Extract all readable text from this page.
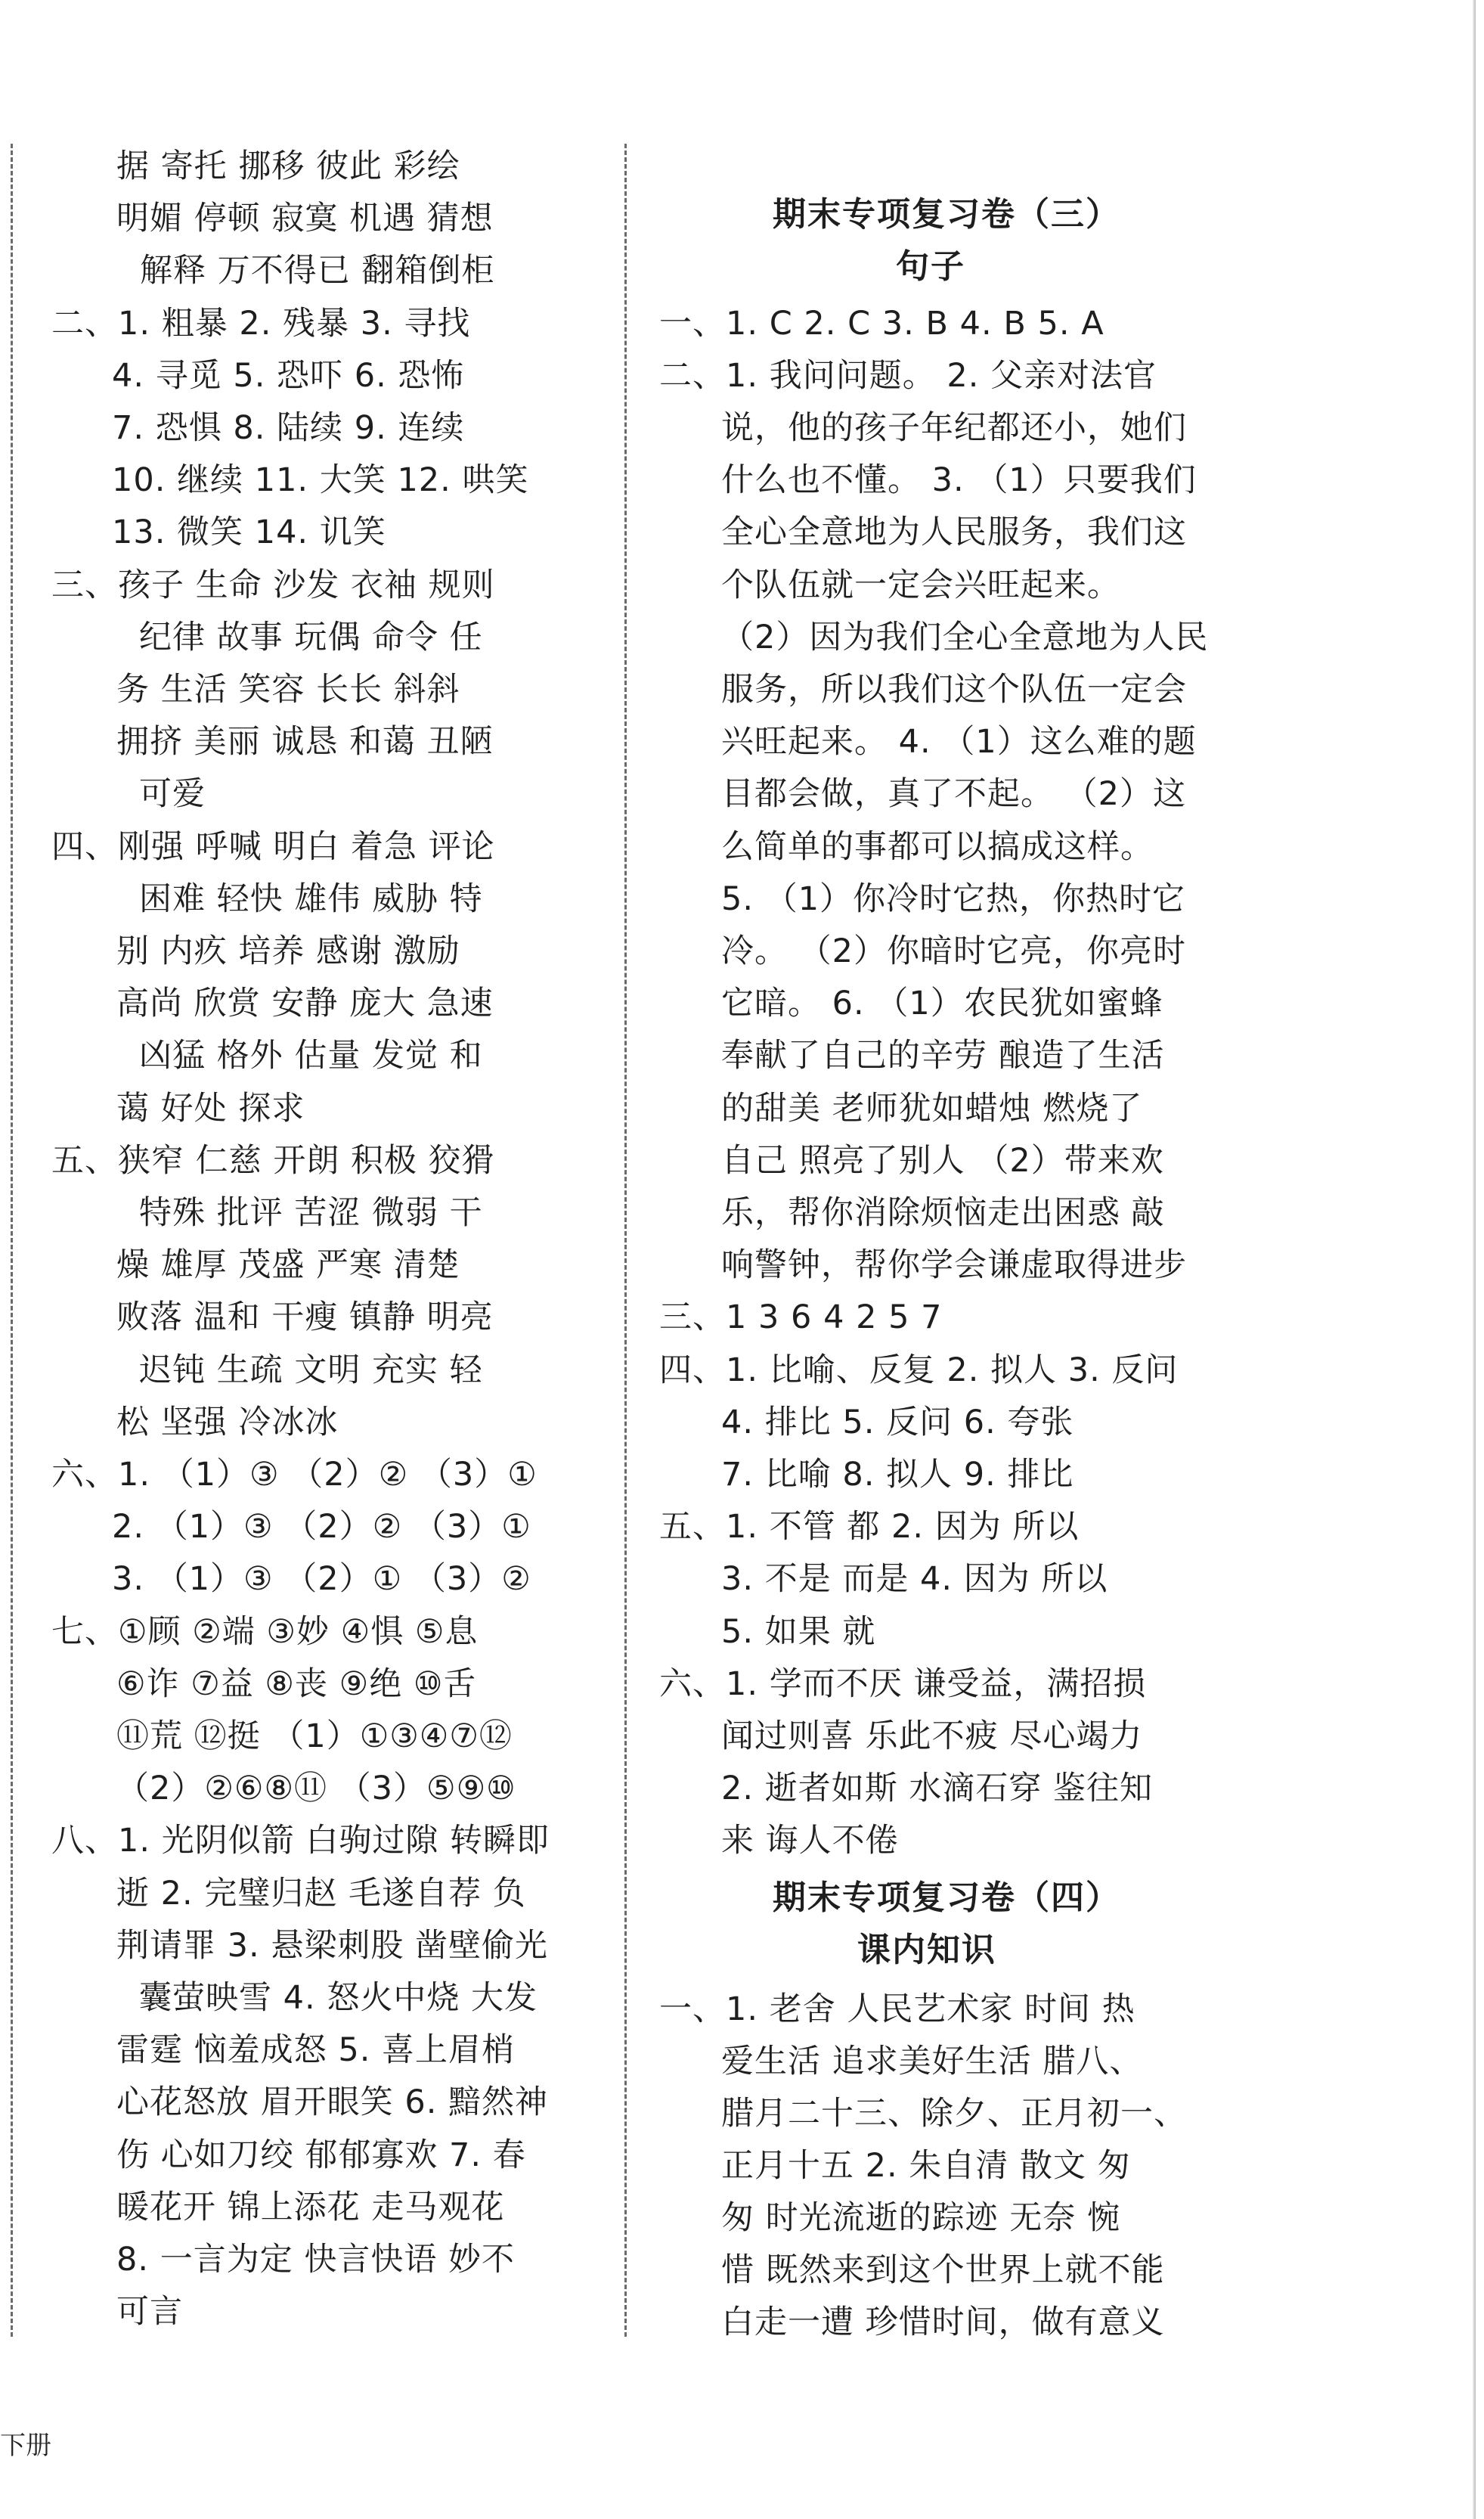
据 寄托 挪移 彼此 彩绘
明媚 停顿 寂寞 机遇 猜想
解释 万不得已 翻箱倒柜
二、1. 粗暴 2. 残暴 3. 寻找
4. 寻觅 5. 恐吓 6. 恐怖
7. 恐惧 8. 陆续 9. 连续
10. 继续 11. 大笑 12. 哄笑
13. 微笑 14. 讥笑
三、孩子 生命 沙发 衣袖 规则
纪律 故事 玩偶 命令 任
务 生活 笑容 长长 斜斜
拥挤 美丽 诚恳 和蔼 丑陋
可爱
四、刚强 呼喊 明白 着急 评论
困难 轻快 雄伟 威胁 特
别 内疚 培养 感谢 激励
高尚 欣赏 安静 庞大 急速
凶猛 格外 估量 发觉 和
蔼 好处 探求
五、狭窄 仁慈 开朗 积极 狡猾
特殊 批评 苦涩 微弱 干
燥 雄厚 茂盛 严寒 清楚
败落 温和 干瘦 镇静 明亮
迟钝 生疏 文明 充实 轻
松 坚强 冷冰冰
六、1. （1）③ （2）② （3）①
2. （1）③ （2）② （3）①
3. （1）③ （2）① （3）②
七、①顾 ②端 ③妙 ④惧 ⑤息
⑥诈 ⑦益 ⑧丧 ⑨绝 ⑩舌
⑪荒 ⑫挺 （1）①③④⑦⑫
（2）②⑥⑧⑪ （3）⑤⑨⑩
八、1. 光阴似箭 白驹过隙 转瞬即
逝 2. 完璧归赵 毛遂自荐 负
荆请罪 3. 悬梁刺股 凿壁偷光
囊萤映雪 4. 怒火中烧 大发
雷霆 恼羞成怒 5. 喜上眉梢
心花怒放 眉开眼笑 6. 黯然神
伤 心如刀绞 郁郁寡欢 7. 春
暖花开 锦上添花 走马观花
8. 一言为定 快言快语 妙不
可言
期末专项复习卷（三）
句子
一、1. C 2. C 3. B 4. B 5. A
二、1. 我问问题。 2. 父亲对法官
说，他的孩子年纪都还小，她们
什么也不懂。 3. （1）只要我们
全心全意地为人民服务，我们这
个队伍就一定会兴旺起来。
（2）因为我们全心全意地为人民
服务，所以我们这个队伍一定会
兴旺起来。 4. （1）这么难的题
目都会做，真了不起。 （2）这
么简单的事都可以搞成这样。
5. （1）你冷时它热，你热时它
冷。 （2）你暗时它亮，你亮时
它暗。 6. （1）农民犹如蜜蜂
奉献了自己的辛劳 酿造了生活
的甜美 老师犹如蜡烛 燃烧了
自己 照亮了别人 （2）带来欢
乐，帮你消除烦恼走出困惑 敲
响警钟，帮你学会谦虚取得进步
三、1 3 6 4 2 5 7
四、1. 比喻、反复 2. 拟人 3. 反问
4. 排比 5. 反问 6. 夸张
7. 比喻 8. 拟人 9. 排比
五、1. 不管 都 2. 因为 所以
3. 不是 而是 4. 因为 所以
5. 如果 就
六、1. 学而不厌 谦受益，满招损
闻过则喜 乐此不疲 尽心竭力
2. 逝者如斯 水滴石穿 鉴往知
来 诲人不倦
期末专项复习卷（四）
课内知识
一、1. 老舍 人民艺术家 时间 热
爱生活 追求美好生活 腊八、
腊月二十三、除夕、正月初一、
正月十五 2. 朱自清 散文 匆
匆 时光流逝的踪迹 无奈 惋
惜 既然来到这个世界上就不能
白走一遭 珍惜时间，做有意义
下册
